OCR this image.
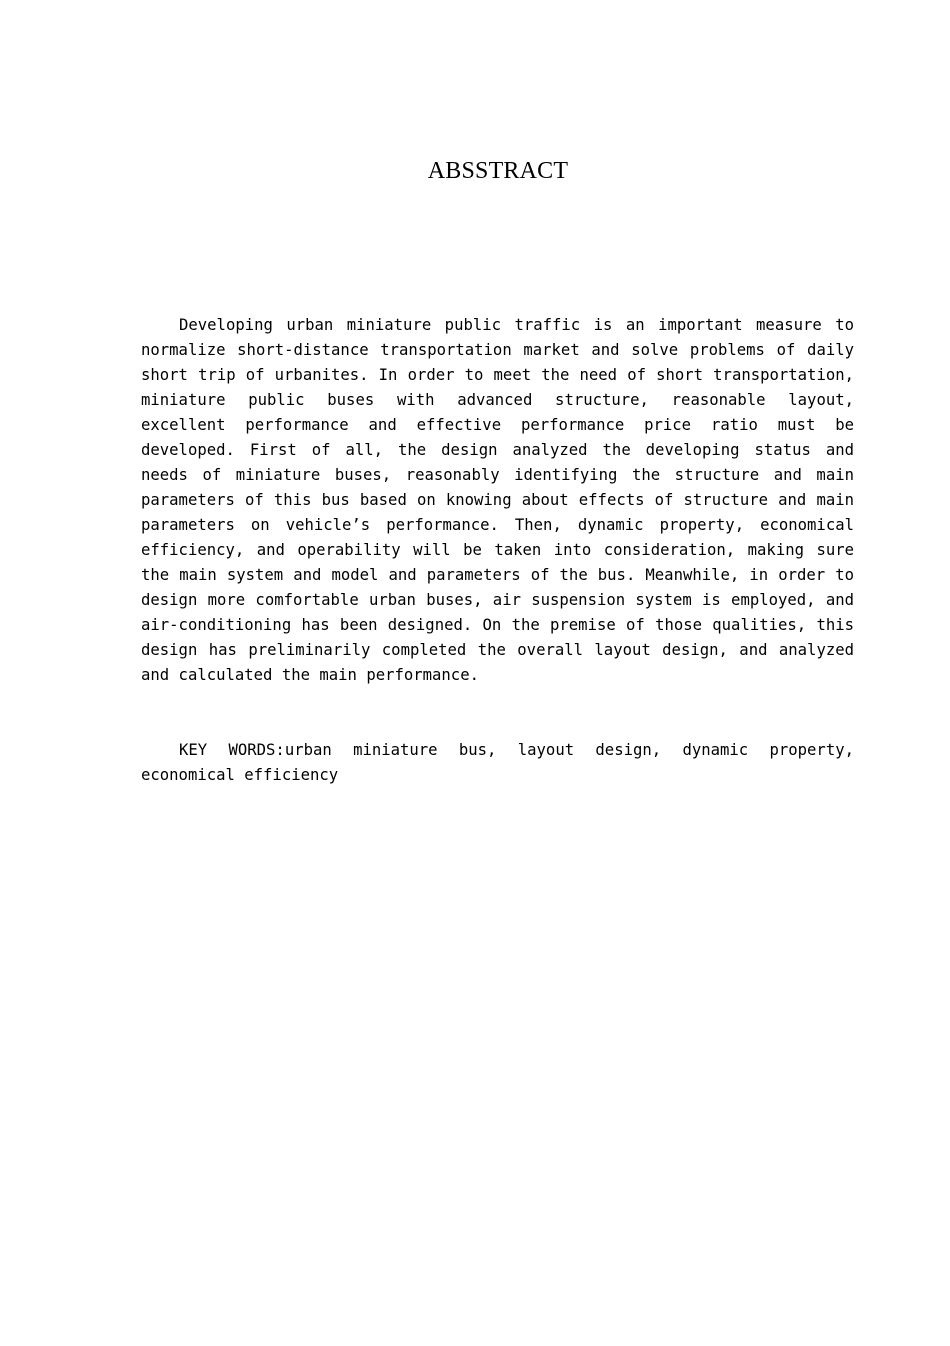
ABSSTRACT

Developing urban miniature public traffic is an important measure to normalize short-distance transportation market and solve problems of daily short trip of urbanites. In order to meet the need of short transportation, miniature public buses with advanced structure, reasonable layout, excellent performance and effective performance price ratio must be developed. First of all, the design analyzed the developing status and needs of miniature buses, reasonably identifying the structure and main parameters of this bus based on knowing about effects of structure and main parameters on vehicle’s performance. Then, dynamic property, economical efficiency, and operability will be taken into consideration, making sure the main system and model and parameters of the bus. Meanwhile, in order to design more comfortable urban buses, air suspension system is employed, and air-conditioning has been designed. On the premise of those qualities, this design has preliminarily completed the overall layout design, and analyzed and calculated the main performance.

KEY WORDS:urban miniature bus, layout design, dynamic property, economical efficiency
